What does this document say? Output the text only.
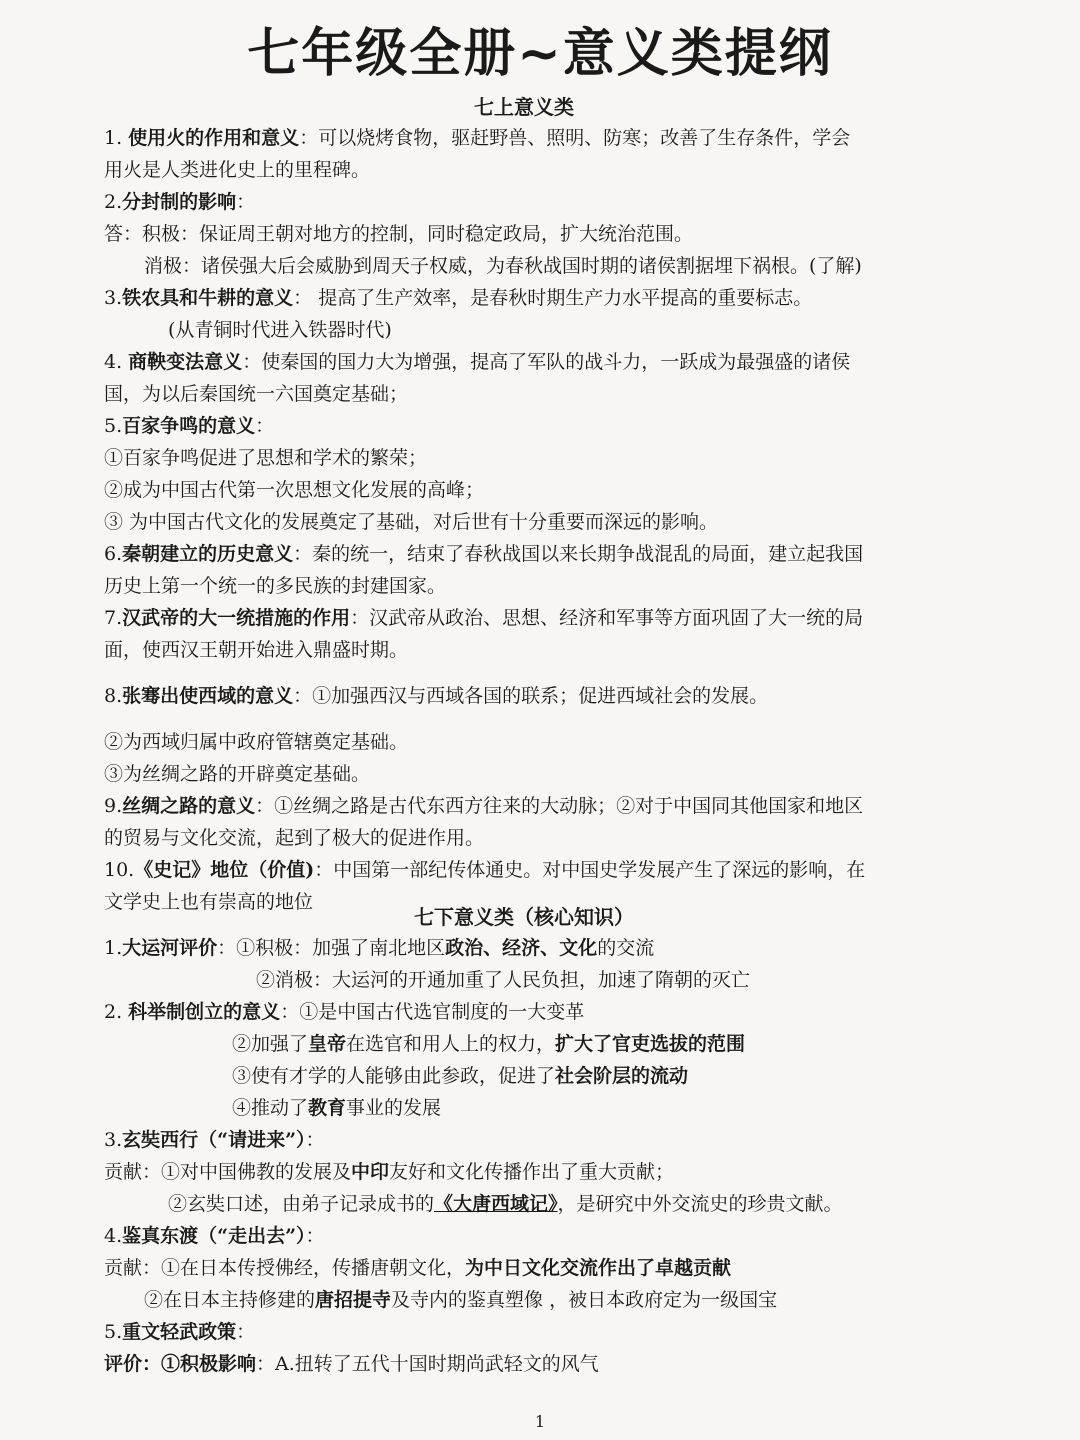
七年级全册~意义类提纲
七上意义类
1. 使用火的作用和意义：可以烧烤食物，驱赶野兽、照明、防寒；改善了生存条件，学会
用火是人类进化史上的里程碑。
2.分封制的影响：
答：积极：保证周王朝对地方的控制，同时稳定政局，扩大统治范围。
消极：诸侯强大后会威胁到周天子权威，为春秋战国时期的诸侯割据埋下祸根。(了解)
3.铁农具和牛耕的意义： 提高了生产效率，是春秋时期生产力水平提高的重要标志。
(从青铜时代进入铁器时代)
4. 商鞅变法意义：使秦国的国力大为增强，提高了军队的战斗力，一跃成为最强盛的诸侯
国，为以后秦国统一六国奠定基础；
5.百家争鸣的意义：
①百家争鸣促进了思想和学术的繁荣；
②成为中国古代第一次思想文化发展的高峰；
③ 为中国古代文化的发展奠定了基础，对后世有十分重要而深远的影响。
6.秦朝建立的历史意义：秦的统一，结束了春秋战国以来长期争战混乱的局面，建立起我国
历史上第一个统一的多民族的封建国家。
7.汉武帝的大一统措施的作用：汉武帝从政治、思想、经济和军事等方面巩固了大一统的局
面，使西汉王朝开始进入鼎盛时期。
8.张骞出使西域的意义：①加强西汉与西域各国的联系；促进西域社会的发展。
②为西域归属中政府管辖奠定基础。
③为丝绸之路的开辟奠定基础。
9.丝绸之路的意义：①丝绸之路是古代东西方往来的大动脉；②对于中国同其他国家和地区
的贸易与文化交流，起到了极大的促进作用。
10.《史记》地位（价值)：中国第一部纪传体通史。对中国史学发展产生了深远的影响，在
文学史上也有崇高的地位
七下意义类（核心知识）
1.大运河评价：①积极：加强了南北地区政治、经济、文化的交流
②消极：大运河的开通加重了人民负担，加速了隋朝的灭亡
2. 科举制创立的意义：①是中国古代选官制度的一大变革
②加强了皇帝在选官和用人上的权力，扩大了官吏选拔的范围
③使有才学的人能够由此参政，促进了社会阶层的流动
④推动了教育事业的发展
3.玄奘西行（“请进来”）：
贡献：①对中国佛教的发展及中印友好和文化传播作出了重大贡献；
②玄奘口述，由弟子记录成书的《大唐西域记》，是研究中外交流史的珍贵文献。
4.鉴真东渡（“走出去”）：
贡献：①在日本传授佛经，传播唐朝文化，为中日文化交流作出了卓越贡献
②在日本主持修建的唐招提寺及寺内的鉴真塑像 ，被日本政府定为一级国宝
5.重文轻武政策：
评价：①积极影响：A.扭转了五代十国时期尚武轻文的风气
1
